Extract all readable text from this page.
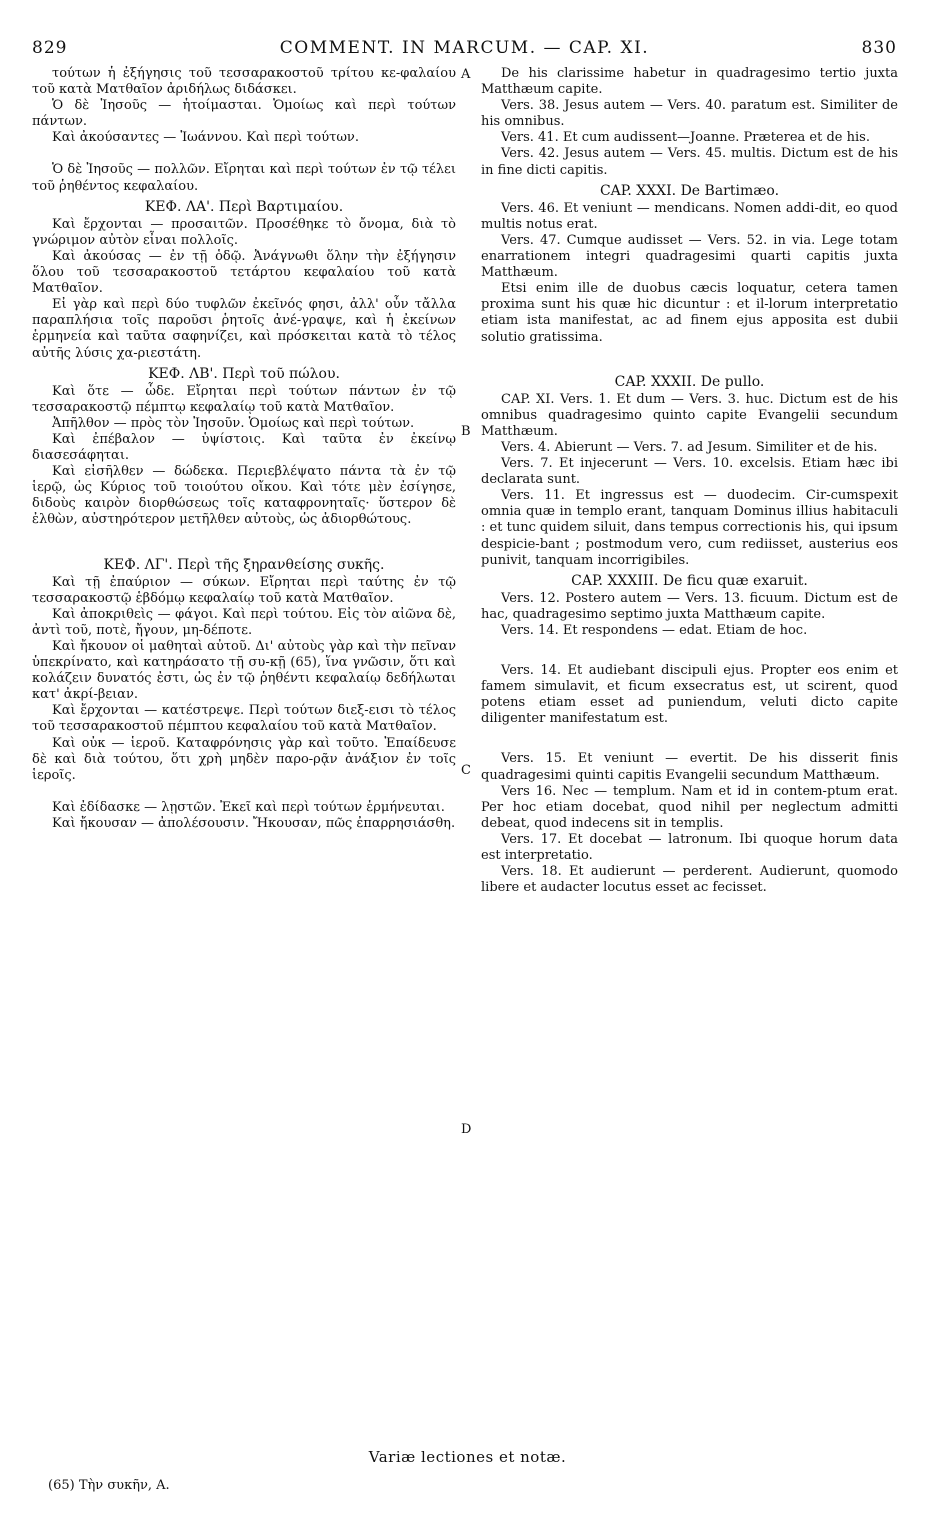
829	COMMENT. IN MARCUM. — CAP. XI.	830

τούτων ἡ ἐξήγησις τοῦ τεσσαρακοστοῦ τρίτου κε-φαλαίου τοῦ κατὰ Ματθαῖον ἀριδήλως διδάσκει.

Ὁ δὲ Ἰησοῦς — ἡτοίμασται. Ὁμοίως καὶ περὶ τούτων πάντων.

Καὶ ἀκούσαντες — Ἰωάννου. Καὶ περὶ τούτων.

Ὁ δὲ Ἰησοῦς — πολλῶν. Εἴρηται καὶ περὶ τούτων ἐν τῷ τέλει τοῦ ῥηθέντος κεφαλαίου.

ΚΕΦ. ΛΑ'. Περὶ Βαρτιμαίου.

Καὶ ἔρχονται — προσαιτῶν. Προσέθηκε τὸ ὄνομα, διὰ τὸ γνώριμον αὐτὸν εἶναι πολλοῖς.

Καὶ ἀκούσας — ἐν τῇ ὁδῷ. Ἀνάγνωθι ὅλην τὴν ἐξήγησιν ὅλου τοῦ τεσσαρακοστοῦ τετάρτου κεφαλαίου τοῦ κατὰ Ματθαῖον.

Εἰ γὰρ καὶ περὶ δύο τυφλῶν ἐκεῖνός φησι, ἀλλ' οὖν τἄλλα παραπλήσια τοῖς παροῦσι ῥητοῖς ἀνέ-γραψε, καὶ ἡ ἐκείνων ἑρμηνεία καὶ ταῦτα σαφηνίζει, καὶ πρόσκειται κατὰ τὸ τέλος αὐτῆς λύσις χα-ριεστάτη.

ΚΕΦ. ΛΒ'. Περὶ τοῦ πώλου.

Καὶ ὅτε — ὧδε. Εἴρηται περὶ τούτων πάντων ἐν τῷ τεσσαρακοστῷ πέμπτῳ κεφαλαίῳ τοῦ κατὰ Ματθαῖον.

Ἀπῆλθον — πρὸς τὸν Ἰησοῦν. Ὁμοίως καὶ περὶ τούτων.

Καὶ ἐπέβαλον — ὑψίστοις. Καὶ ταῦτα ἐν ἐκείνῳ διασεσάφηται.

Καὶ εἰσῆλθεν — δώδεκα. Περιεβλέψατο πάντα τὰ ἐν τῷ ἱερῷ, ὡς Κύριος τοῦ τοιούτου οἴκου. Καὶ τότε μὲν ἐσίγησε, διδοὺς καιρὸν διορθώσεως τοῖς καταφρονηταῖς· ὕστερον δὲ ἐλθὼν, αὐστηρότερον μετῆλθεν αὐτοὺς, ὡς ἀδιορθώτους.

ΚΕΦ. ΛΓ'. Περὶ τῆς ξηρανθείσης συκῆς.

Καὶ τῇ ἐπαύριον — σύκων. Εἴρηται περὶ ταύτης ἐν τῷ τεσσαρακοστῷ ἑβδόμῳ κεφαλαίῳ τοῦ κατὰ Ματθαῖον.

Καὶ ἀποκριθεὶς — φάγοι. Καὶ περὶ τούτου. Εἰς τὸν αἰῶνα δὲ, ἀντὶ τοῦ, ποτὲ, ἤγουν, μη-δέποτε.

Καὶ ἤκουον οἱ μαθηταὶ αὐτοῦ. Δι' αὐτοὺς γὰρ καὶ τὴν πεῖναν ὑπεκρίνατο, καὶ κατηράσατο τῇ συ-κῇ (65), ἵνα γνῶσιν, ὅτι καὶ κολάζειν δυνατός ἐστι, ὡς ἐν τῷ ῥηθέντι κεφαλαίῳ δεδήλωται κατ' ἀκρί-βειαν.

Καὶ ἔρχονται — κατέστρεψε. Περὶ τούτων διεξ-εισι τὸ τέλος τοῦ τεσσαρακοστοῦ πέμπτου κεφαλαίου τοῦ κατὰ Ματθαῖον.

Καὶ οὐκ — ἱεροῦ. Καταφρόνησις γὰρ καὶ τοῦτο. Ἐπαίδευσε δὲ καὶ διὰ τούτου, ὅτι χρὴ μηδὲν παρο-ρᾷν ἀνάξιον ἐν τοῖς ἱεροῖς.

Καὶ ἐδίδασκε — λῃστῶν. Ἐκεῖ καὶ περὶ τούτων ἑρμήνευται.

Καὶ ἤκουσαν — ἀπολέσουσιν. Ἤκουσαν, πῶς ἐπαρρησιάσθη.

De his clarissime habetur in quadragesimo tertio juxta Matthæum capite.

Vers. 38. Jesus autem — Vers. 40. paratum est. Similiter de his omnibus.

Vers. 41. Et cum audissent—Joanne. Præterea et de his.

Vers. 42. Jesus autem — Vers. 45. multis. Dictum est de his in fine dicti capitis.

CAP. XXXI. De Bartimæo.

Vers. 46. Et veniunt — mendicans. Nomen addi-dit, eo quod multis notus erat.

Vers. 47. Cumque audisset — Vers. 52. in via. Lege totam enarrationem integri quadragesimi quarti capitis juxta Matthæum.

Etsi enim ille de duobus cæcis loquatur, cetera tamen proxima sunt his quæ hic dicuntur : et il-lorum interpretatio etiam ista manifestat, ac ad finem ejus apposita est dubii solutio gratissima.

CAP. XXXII. De pullo.

CAP. XI. Vers. 1. Et dum — Vers. 3. huc. Dictum est de his omnibus quadragesimo quinto capite Evangelii secundum Matthæum.

Vers. 4. Abierunt — Vers. 7. ad Jesum. Similiter et de his.

Vers. 7. Et injecerunt — Vers. 10. excelsis. Etiam hæc ibi declarata sunt.

Vers. 11. Et ingressus est — duodecim. Cir-cumspexit omnia quæ in templo erant, tanquam Dominus illius habitaculi : et tunc quidem siluit, dans tempus correctionis his, qui ipsum despicie-bant ; postmodum vero, cum rediisset, austerius eos punivit, tanquam incorrigibiles.

CAP. XXXIII. De ficu quæ exaruit.

Vers. 12. Postero autem — Vers. 13. ficuum. Dictum est de hac, quadragesimo septimo juxta Matthæum capite.

Vers. 14. Et respondens — edat. Etiam de hoc.

Vers. 14. Et audiebant discipuli ejus. Propter eos enim et famem simulavit, et ficum exsecratus est, ut scirent, quod potens etiam esset ad puniendum, veluti dicto capite diligenter manifestatum est.

Vers. 15. Et veniunt — evertit. De his disserit finis quadragesimi quinti capitis Evangelii secundum Matthæum.

Vers 16. Nec — templum. Nam et id in contem-ptum erat. Per hoc etiam docebat, quod nihil per neglectum admitti debeat, quod indecens sit in templis.

Vers. 17. Et docebat — latronum. Ibi quoque horum data est interpretatio.

Vers. 18. Et audierunt — perderent. Audierunt, quomodo libere et audacter locutus esset ac fecisset.

A
B
C
D
Variæ lectiones et notæ.
(65) Τὴν συκῆν, A.
